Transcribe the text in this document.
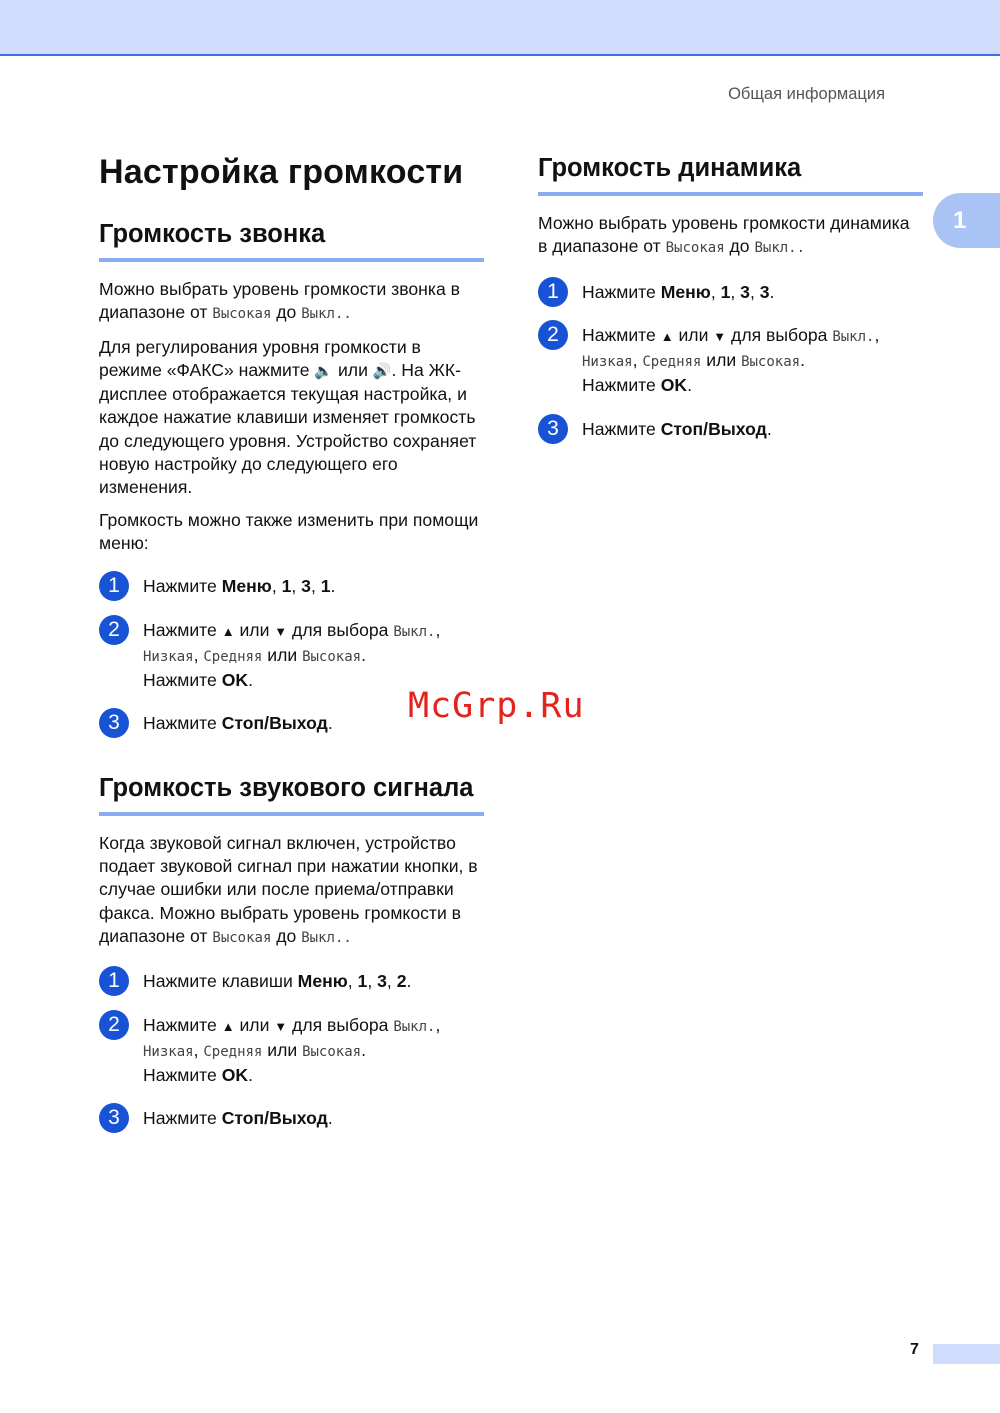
Общая информация
1
McGrp.Ru
7
Настройка громкости
Громкость звонка

Можно выбрать уровень громкости звонка в диапазоне от Высокая до Выкл..

Для регулирования уровня громкости в режиме «ФАКС» нажмите 🔈 или 🔊. На ЖК-дисплее отображается текущая настройка, и каждое нажатие клавиши изменяет громкость до следующего уровня. Устройство сохраняет новую настройку до следующего его изменения.

Громкость можно также изменить при помощи меню:

1	Нажмите Меню, 1, 3, 1.
2	Нажмите ▲ или ▼ для выбора Выкл.,
Низкая, Средняя или Высокая.
Нажмите OK.
3	Нажмите Стоп/Выход.
Громкость звукового сигнала

Когда звуковой сигнал включен, устройство подает звуковой сигнал при нажатии кнопки, в случае ошибки или после приема/отправки факса. Можно выбрать уровень громкости в диапазоне от Высокая до Выкл..

1	Нажмите клавиши Меню, 1, 3, 2.
2	Нажмите ▲ или ▼ для выбора Выкл.,
Низкая, Средняя или Высокая.
Нажмите OK.
3	Нажмите Стоп/Выход.
Громкость динамика

Можно выбрать уровень громкости динамика в диапазоне от Высокая до Выкл..

1	Нажмите Меню, 1, 3, 3.
2	Нажмите ▲ или ▼ для выбора Выкл.,
Низкая, Средняя или Высокая.
Нажмите OK.
3	Нажмите Стоп/Выход.
